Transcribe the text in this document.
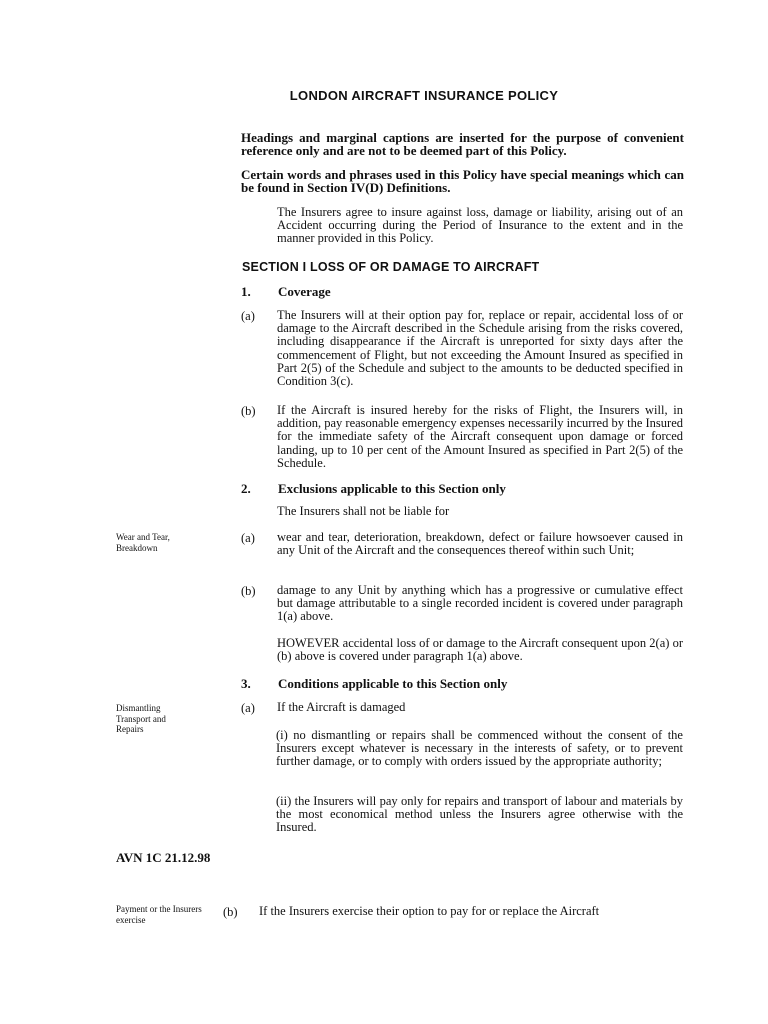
LONDON AIRCRAFT INSURANCE POLICY
Headings and marginal captions are inserted for the purpose of convenient reference only and are not to be deemed part of this Policy.
Certain words and phrases used in this Policy have special meanings which can be found in Section IV(D) Definitions.
The Insurers agree to insure against loss, damage or liability, arising out of an Accident occurring during the Period of Insurance to the extent and in the manner provided in this Policy.
SECTION I LOSS OF OR DAMAGE TO AIRCRAFT
1. Coverage
(a) The Insurers will at their option pay for, replace or repair, accidental loss of or damage to the Aircraft described in the Schedule arising from the risks covered, including disappearance if the Aircraft is unreported for sixty days after the commencement of Flight, but not exceeding the Amount Insured as specified in Part 2(5) of the Schedule and subject to the amounts to be deducted specified in Condition 3(c).
(b) If the Aircraft is insured hereby for the risks of Flight, the Insurers will, in addition, pay reasonable emergency expenses necessarily incurred by the Insured for the immediate safety of the Aircraft consequent upon damage or forced landing, up to 10 per cent of the Amount Insured as specified in Part 2(5) of the Schedule.
2. Exclusions applicable to this Section only
The Insurers shall not be liable for
Wear and Tear, Breakdown
(a) wear and tear, deterioration, breakdown, defect or failure howsoever caused in any Unit of the Aircraft and the consequences thereof within such Unit;
(b) damage to any Unit by anything which has a progressive or cumulative effect but damage attributable to a single recorded incident is covered under paragraph 1(a) above.
HOWEVER accidental loss of or damage to the Aircraft consequent upon 2(a) or (b) above is covered under paragraph 1(a) above.
3. Conditions applicable to this Section only
Dismantling Transport and Repairs
(a) If the Aircraft is damaged
(i) no dismantling or repairs shall be commenced without the consent of the Insurers except whatever is necessary in the interests of safety, or to prevent further damage, or to comply with orders issued by the appropriate authority;
(ii) the Insurers will pay only for repairs and transport of labour and materials by the most economical method unless the Insurers agree otherwise with the Insured.
AVN 1C 21.12.98
Payment or the Insurers exercise
(b) If the Insurers exercise their option to pay for or replace the Aircraft
